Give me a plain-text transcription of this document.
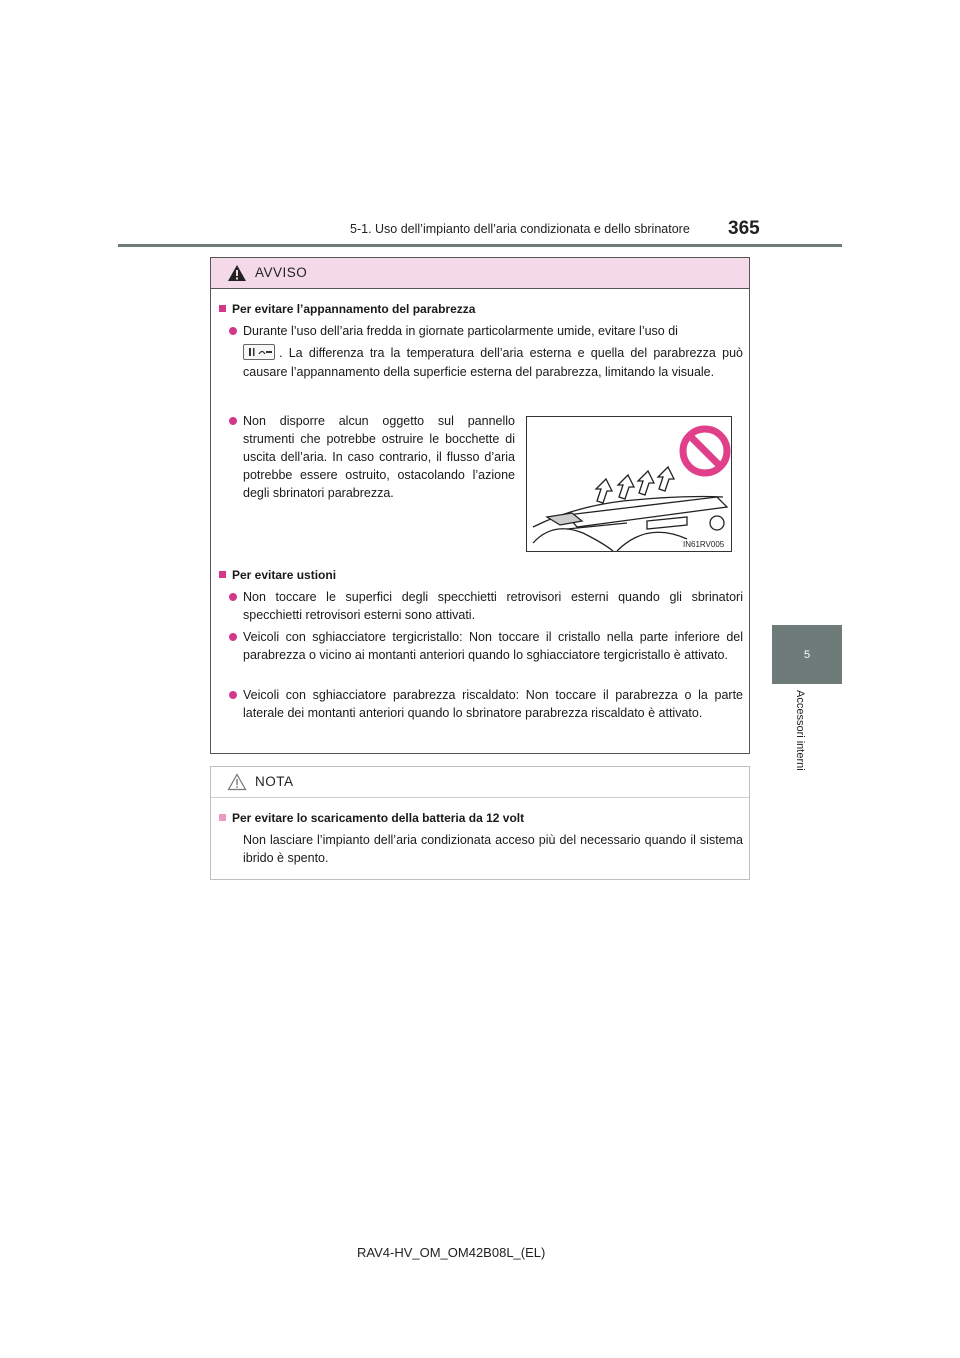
5-1. Uso dell’impianto dell’aria condizionata e dello sbrinatore 365
5
Accessori interni
AVVISO
Per evitare l’appannamento del parabrezza
Durante l’uso dell’aria fredda in giornate particolarmente umide, evitare l’uso di
. La differenza tra la temperatura dell’aria esterna e quella del parabrezza può causare l’appannamento della superficie esterna del parabrezza, limitando la visuale.
Non disporre alcun oggetto sul pannello strumenti che potrebbe ostruire le bocchette di uscita dell’aria. In caso contrario, il flusso d’aria potrebbe essere ostruito, ostacolando l’azione degli sbrinatori parabrezza.
IN61RV005
Per evitare ustioni
Non toccare le superfici degli specchietti retrovisori esterni quando gli sbrinatori specchietti retrovisori esterni sono attivati.
Veicoli con sghiacciatore tergicristallo: Non toccare il cristallo nella parte inferiore del parabrezza o vicino ai montanti anteriori quando lo sghiacciatore tergicristallo è attivato.
Veicoli con sghiacciatore parabrezza riscaldato: Non toccare il parabrezza o la parte laterale dei montanti anteriori quando lo sbrinatore parabrezza riscaldato è attivato.
NOTA
Per evitare lo scaricamento della batteria da 12 volt
Non lasciare l’impianto dell’aria condizionata acceso più del necessario quando il sistema ibrido è spento.
RAV4-HV_OM_OM42B08L_(EL)
